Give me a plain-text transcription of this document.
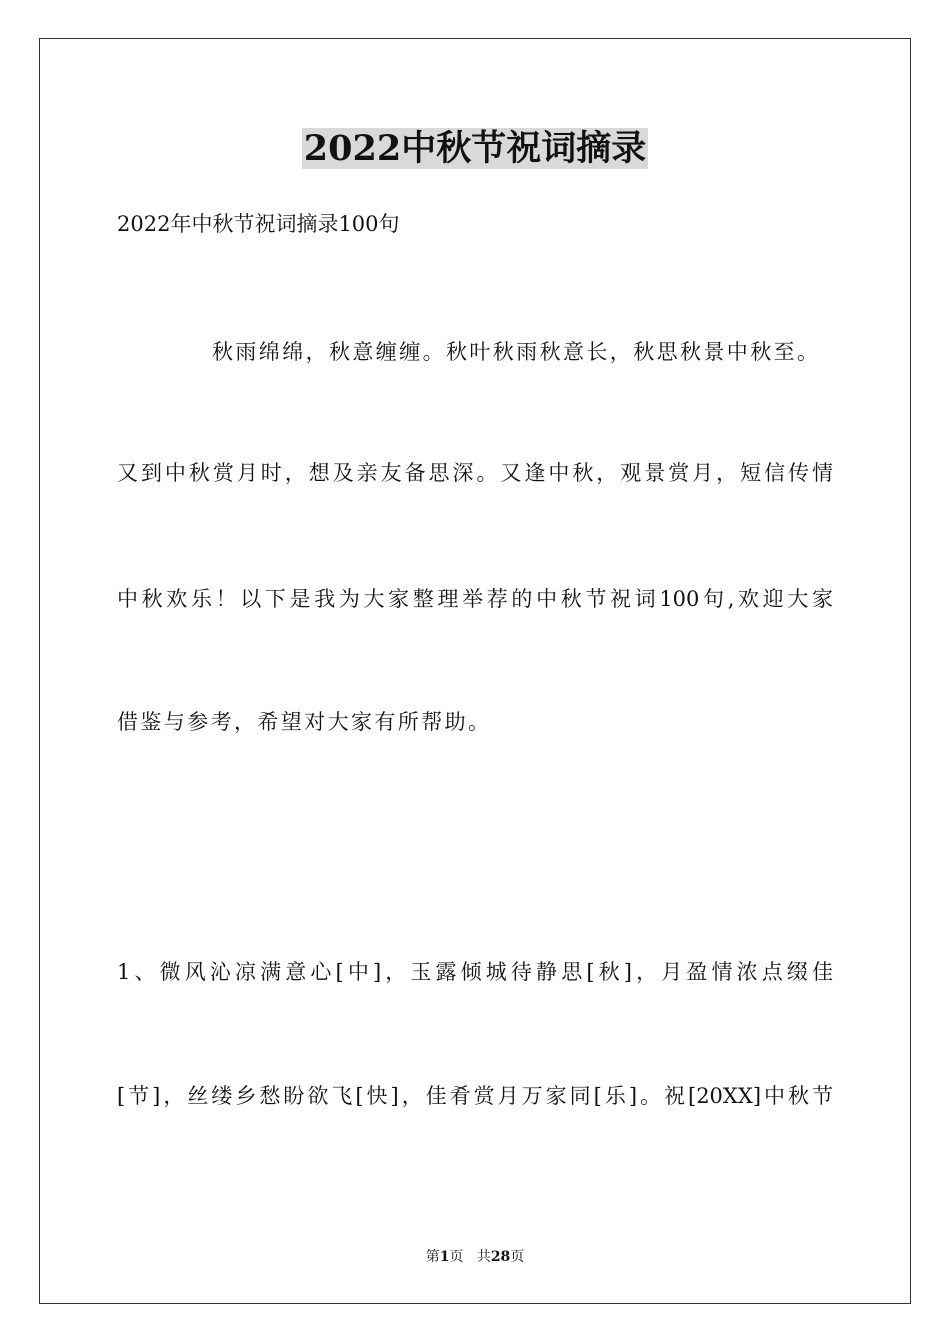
2022中秋节祝词摘录
2022年中秋节祝词摘录100句
秋雨绵绵，秋意缠缠。秋叶秋雨秋意长，秋思秋景中秋至。
又到中秋赏月时，想及亲友备思深。又逢中秋，观景赏月，短信传情
中秋欢乐！以下是我为大家整理举荐的中秋节祝词100句,欢迎大家
借鉴与参考，希望对大家有所帮助。
1、微风沁凉满意心[中]，玉露倾城待静思[秋]，月盈情浓点缀佳
[节]，丝缕乡愁盼欲飞[快]，佳肴赏月万家同[乐]。祝[20XX]中秋节
第1页 共28页
